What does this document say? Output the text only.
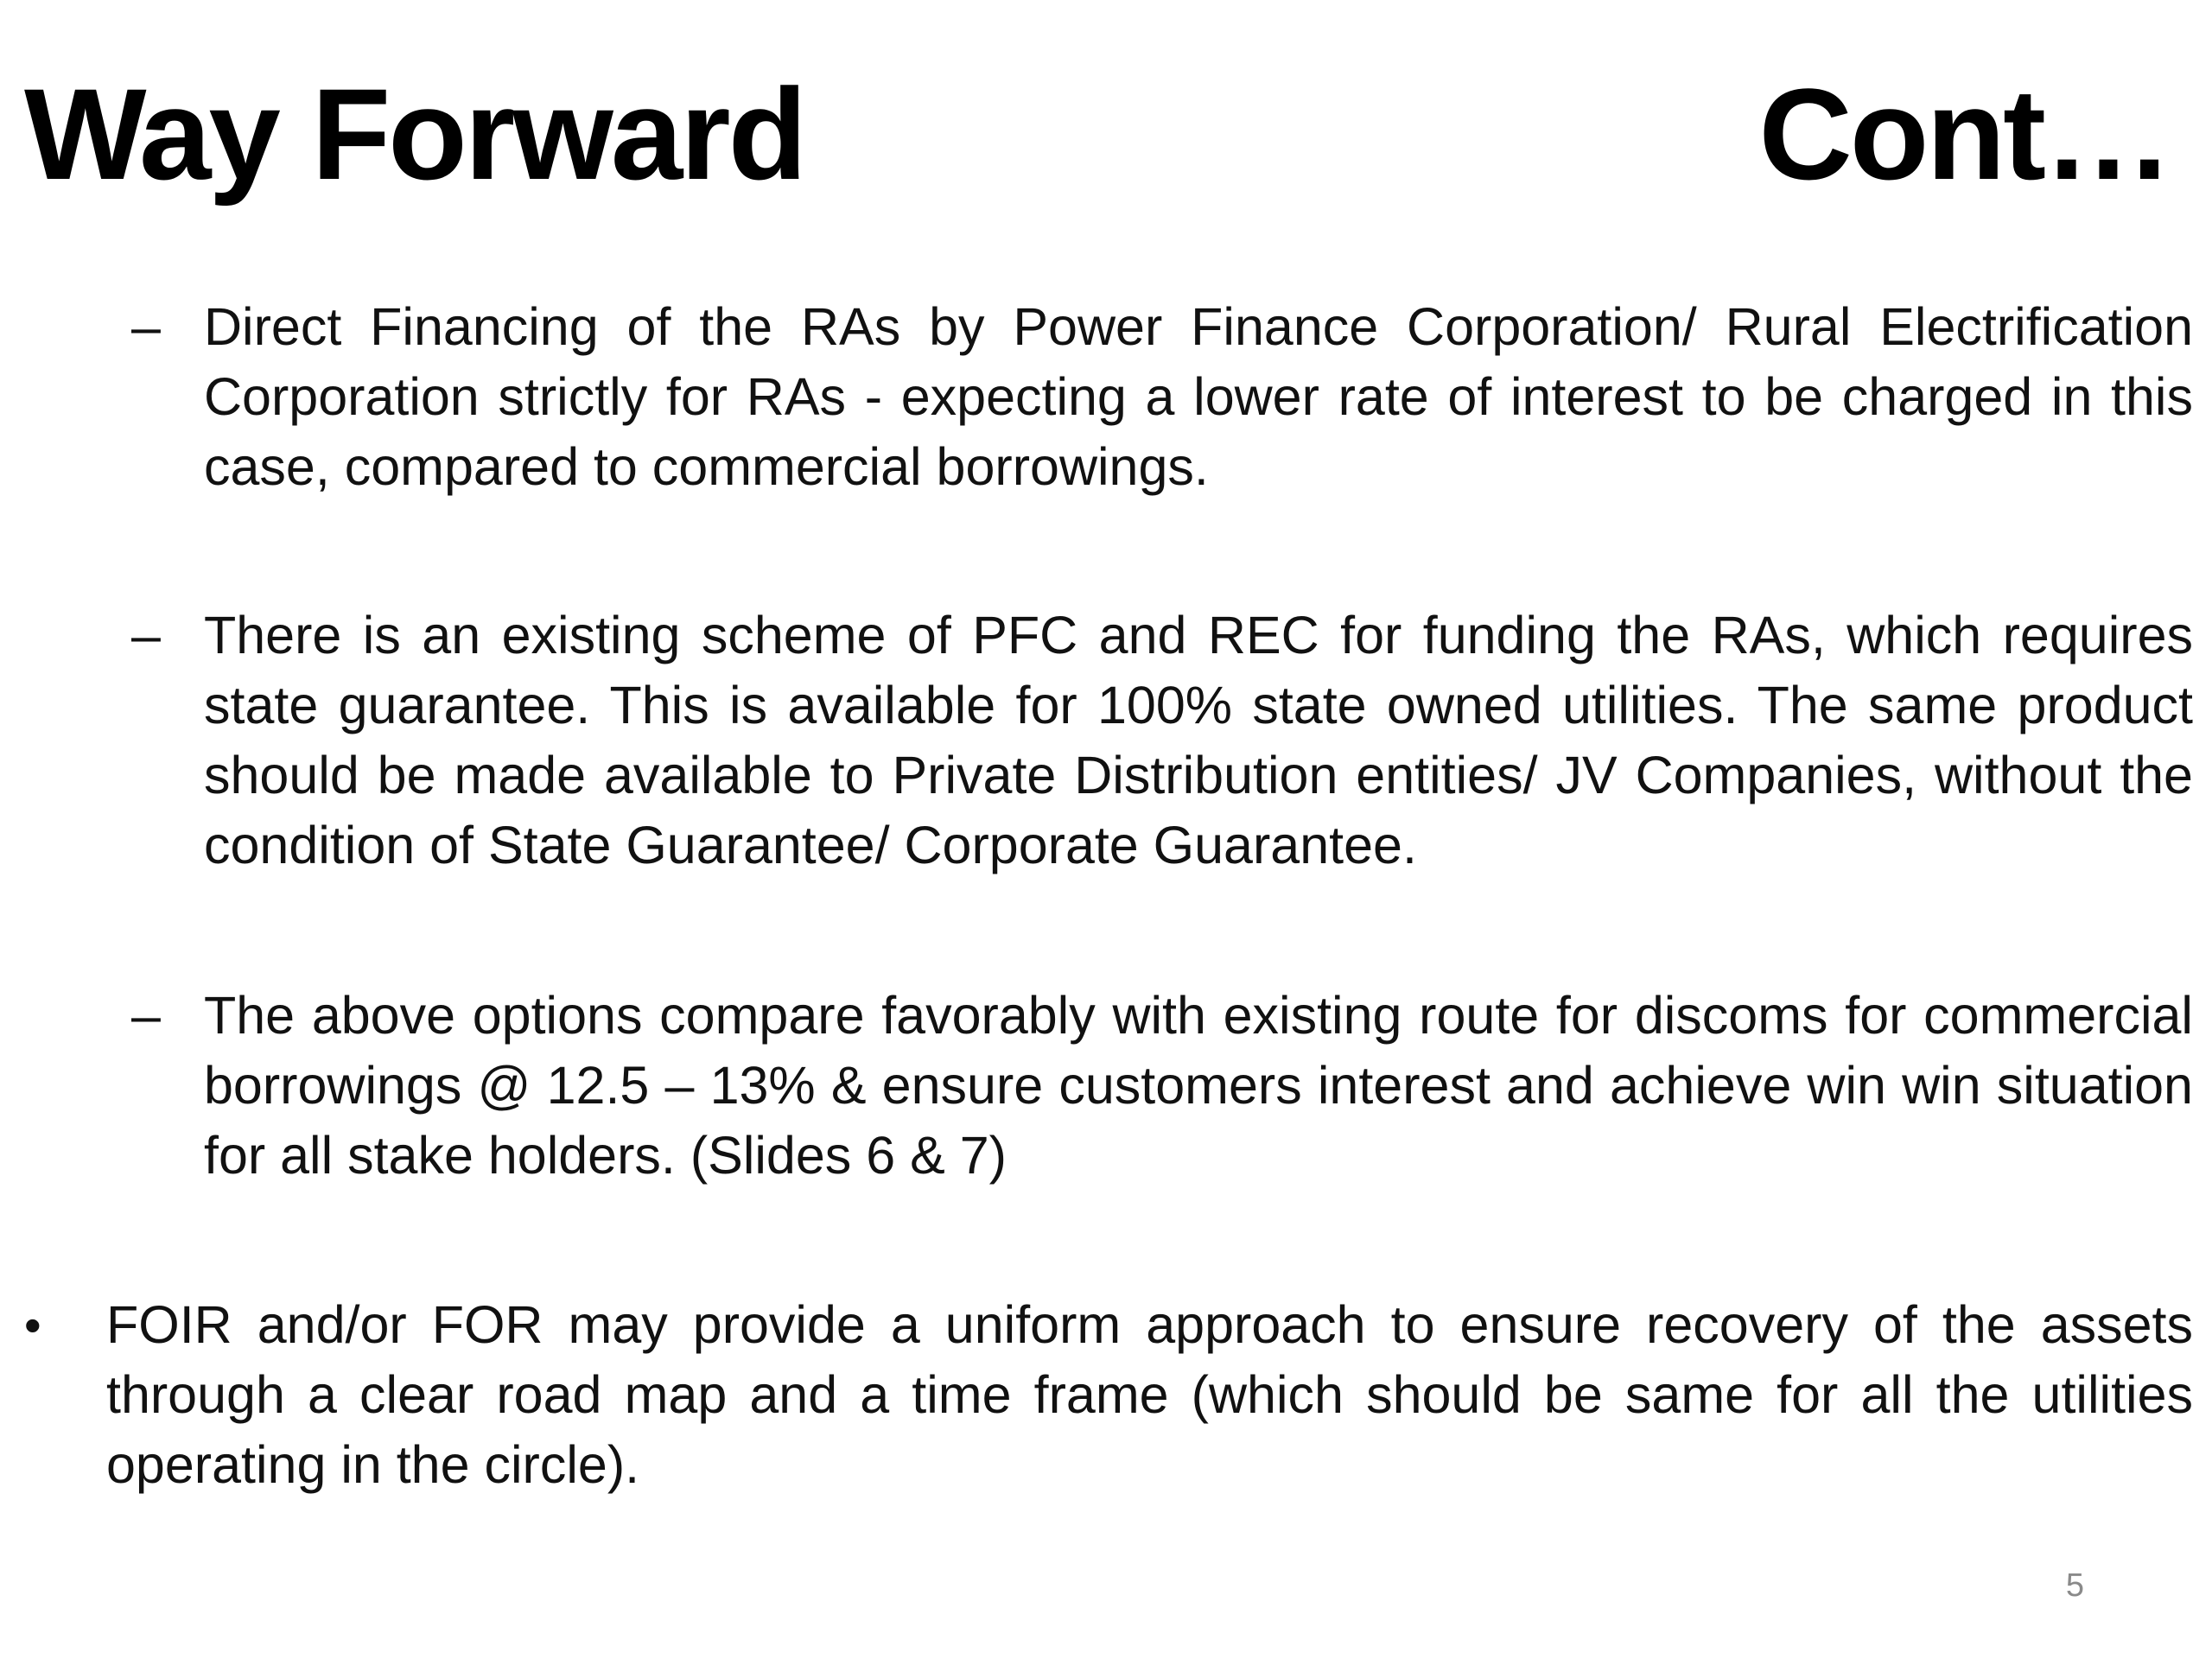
Way Forward	Cont…
– Direct Financing of the RAs by Power Finance Corporation/ Rural Electrification Corporation strictly for RAs - expecting a lower rate of interest to be charged in this case, compared to commercial borrowings.
– There is an existing scheme of PFC and REC for funding the RAs, which requires state guarantee. This is available for 100% state owned utilities. The same product should be made available to Private Distribution entities/ JV Companies, without the condition of State Guarantee/ Corporate Guarantee.
– The above options compare favorably with existing route for discoms for commercial borrowings @ 12.5 – 13% & ensure customers interest and achieve win win situation for all stake holders. (Slides 6 & 7)
•	FOIR and/or FOR may provide a uniform approach to ensure recovery of the assets through a clear road map and a time frame (which should be same for all the utilities operating in the circle).
5
